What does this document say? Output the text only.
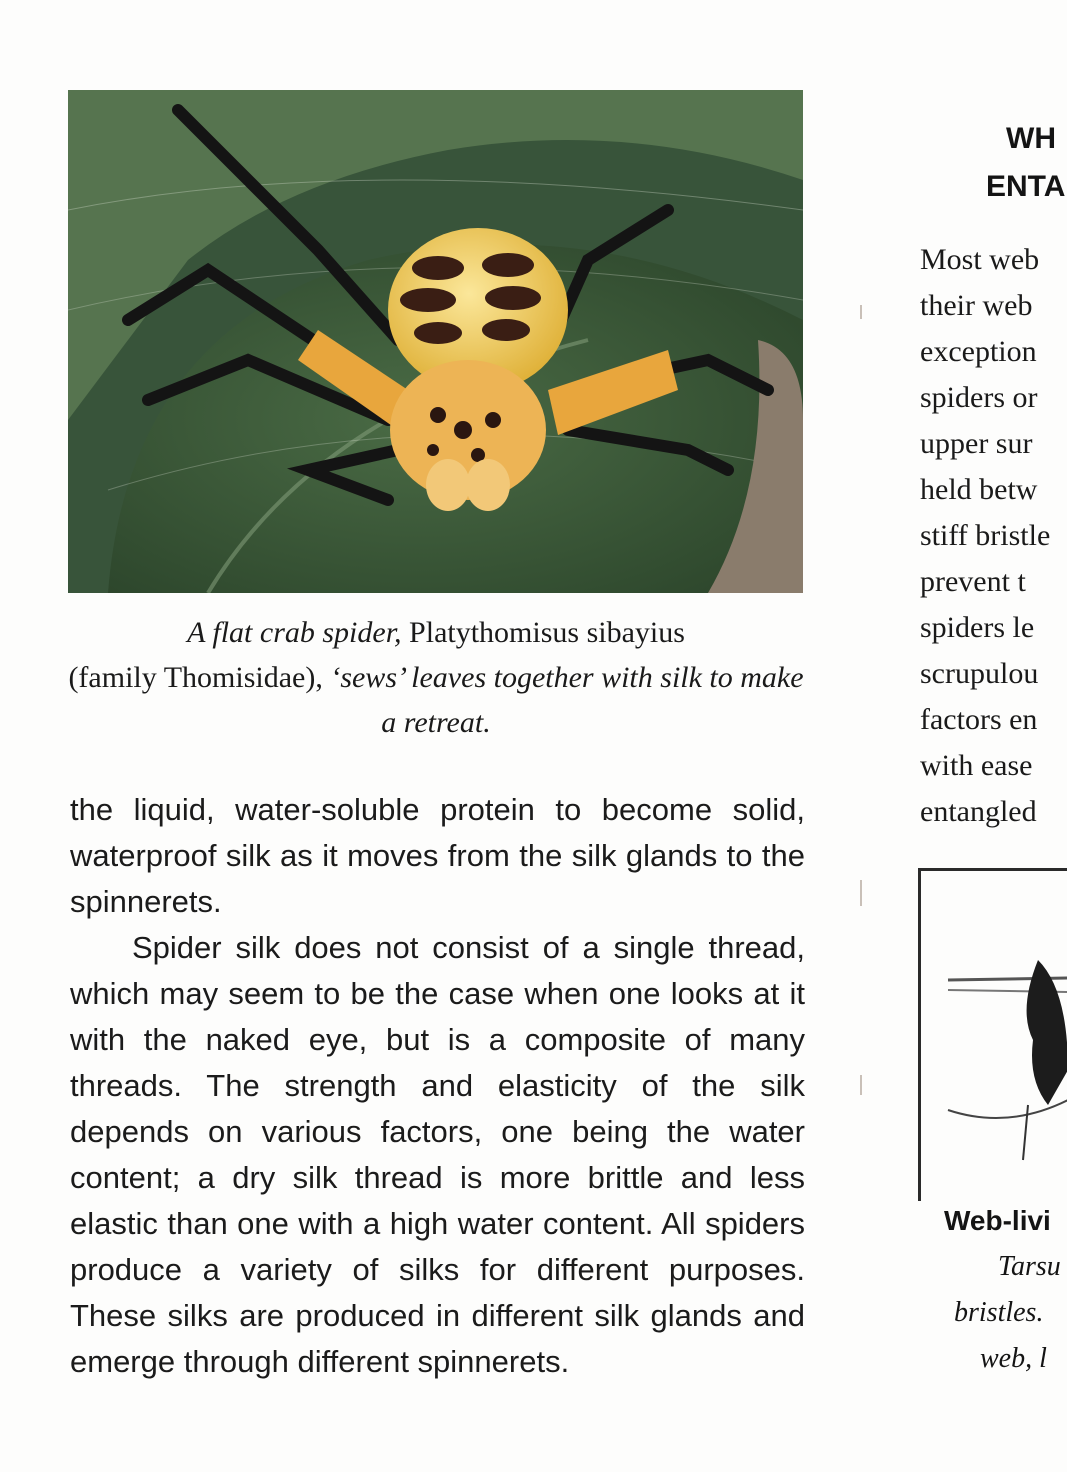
A flat crab spider, Platythomisus sibayius
(family Thomisidae), ‘sews’ leaves together with silk to make a retreat.

the liquid, water-soluble protein to become solid, waterproof silk as it moves from the silk glands to the spinnerets.

Spider silk does not consist of a single thread, which may seem to be the case when one looks at it with the naked eye, but is a composite of many threads. The strength and elasticity of the silk depends on various factors, one being the water content; a dry silk thread is more brittle and less elastic than one with a high water content. All spiders produce a variety of silks for different purposes. These silks are produced in different silk glands and emerge through different spinnerets.

WH
ENTA
Most web
their web
exception
spiders or
upper sur
held betw
stiff bristle
prevent t
spiders le
scrupulou
factors en
with ease
entangled
Web-livi
Tarsu
bristles.
web, l
